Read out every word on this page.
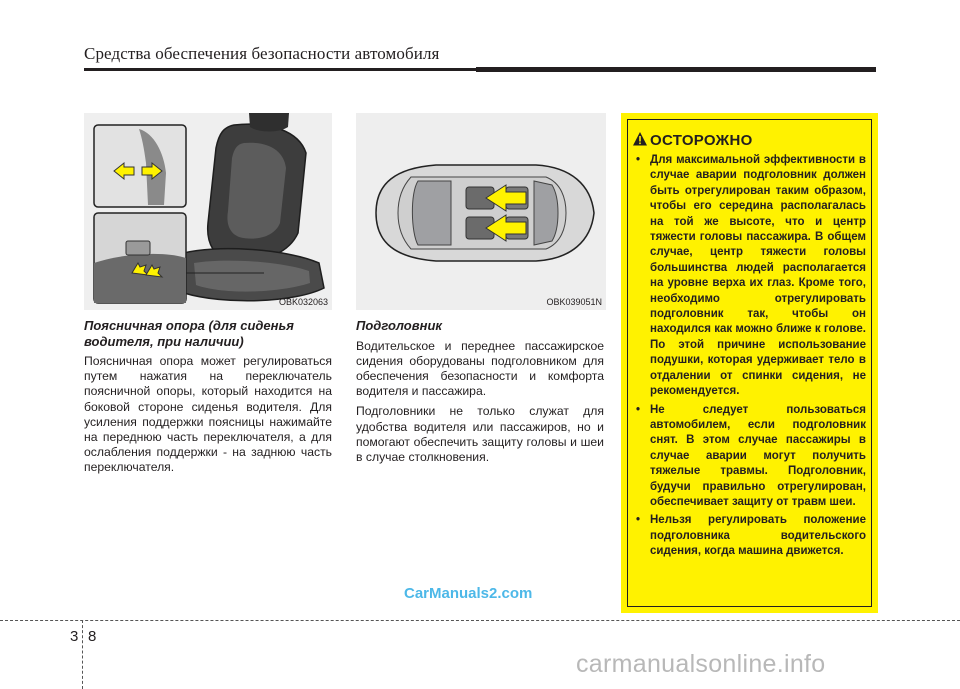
Средства обеспечения безопасности автомобиля
OBK032063	OBK039051N

Поясничная опора (для сиденья водителя, при наличии)

Поясничная опора может регулироваться путем нажатия на переключатель поясничной опоры, который находится на боковой стороне сиденья водителя. Для усиления поддержки поясницы нажимайте на переднюю часть переключателя, а для ослабления поддержки - на заднюю часть переключателя.

Подголовник

Водительское и переднее пассажирское сидения оборудованы подголовником для обеспечения безопасности и комфорта водителя и пассажира.

Подголовники не только служат для удобства водителя или пассажиров, но и помогают обеспечить защиту головы и шеи в случае столкновения.

ОСТОРОЖНО
• Для максимальной эффективности в случае аварии подголовник должен быть отрегулирован таким образом, чтобы его середина располагалась на той же высоте, что и центр тяжести головы пассажира. В общем случае, центр тяжести головы большинства людей располагается на уровне верха их глаз. Кроме того, необходимо отрегулировать подголовник так, чтобы он находился как можно ближе к голове. По этой причине использование подушки, которая удерживает тело в отдалении от спинки сидения, не рекомендуется.
• Не следует пользоваться автомобилем, если подголовник снят. В этом случае пассажиры в случае аварии могут получить тяжелые травмы. Подголовник, будучи правильно отрегулирован, обеспечивает защиту от травм шеи.
• Нельзя регулировать положение подголовника водительского сидения, когда машина движется.
CarManuals2.com
3 8
carmanualsonline.info
